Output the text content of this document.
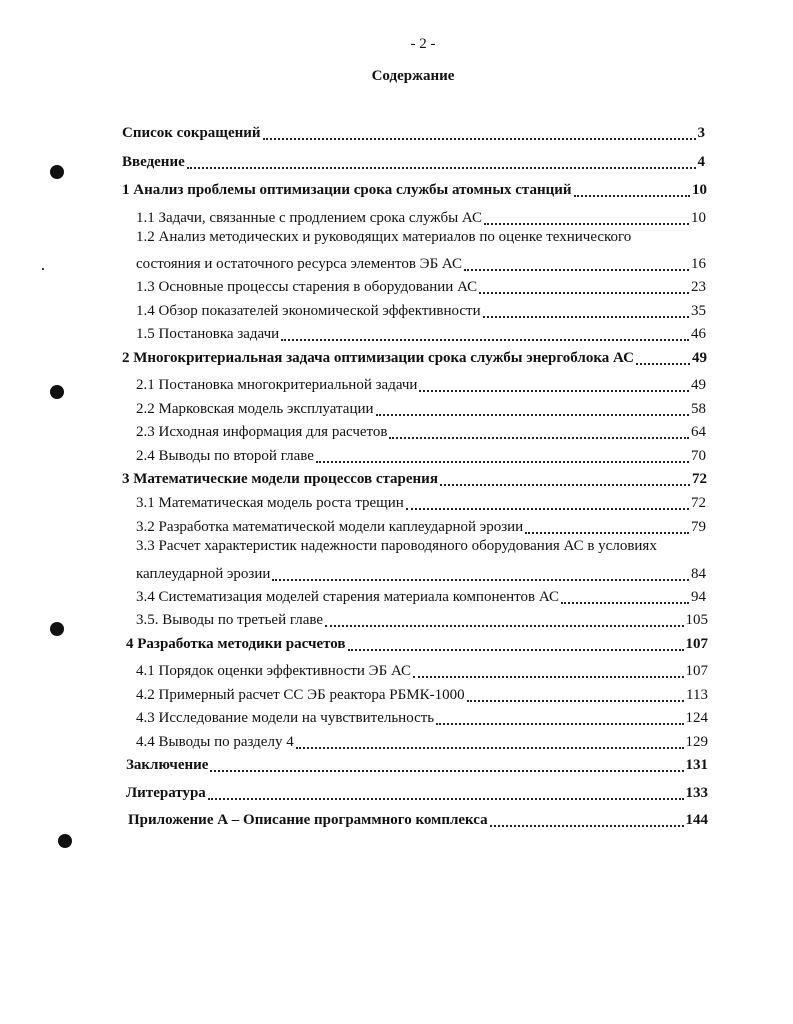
- 2 -
Содержание
Список сокращений	3
Введение	4
1 Анализ проблемы оптимизации срока службы атомных станций	10
1.1 Задачи, связанные с продлением срока службы АС	10
1.2 Анализ методических и руководящих материалов по оценке технического
состояния и остаточного ресурса элементов ЭБ АС	16
1.3 Основные процессы старения в оборудовании АС	23
1.4 Обзор показателей экономической эффективности	35
1.5 Постановка задачи	46
2 Многокритериальная задача оптимизации срока службы энергоблока АС	49
2.1 Постановка многокритериальной задачи	49
2.2 Марковская модель эксплуатации	58
2.3 Исходная информация для расчетов	64
2.4 Выводы по второй главе	70
3 Математические модели процессов старения	72
3.1 Математическая модель роста трещин	72
3.2 Разработка математической модели каплеударной эрозии	79
3.3 Расчет характеристик надежности пароводяного оборудования АС в условиях
каплеударной эрозии	84
3.4 Систематизация моделей старения материала компонентов АС	94
3.5. Выводы по третьей главе	105
4 Разработка методики расчетов	107
4.1 Порядок оценки эффективности ЭБ АС	107
4.2 Примерный расчет СС ЭБ реактора РБМК-1000	113
4.3 Исследование модели на чувствительность	124
4.4 Выводы по разделу 4	129
Заключение	131
Литература	133
Приложение А – Описание программного комплекса	144
